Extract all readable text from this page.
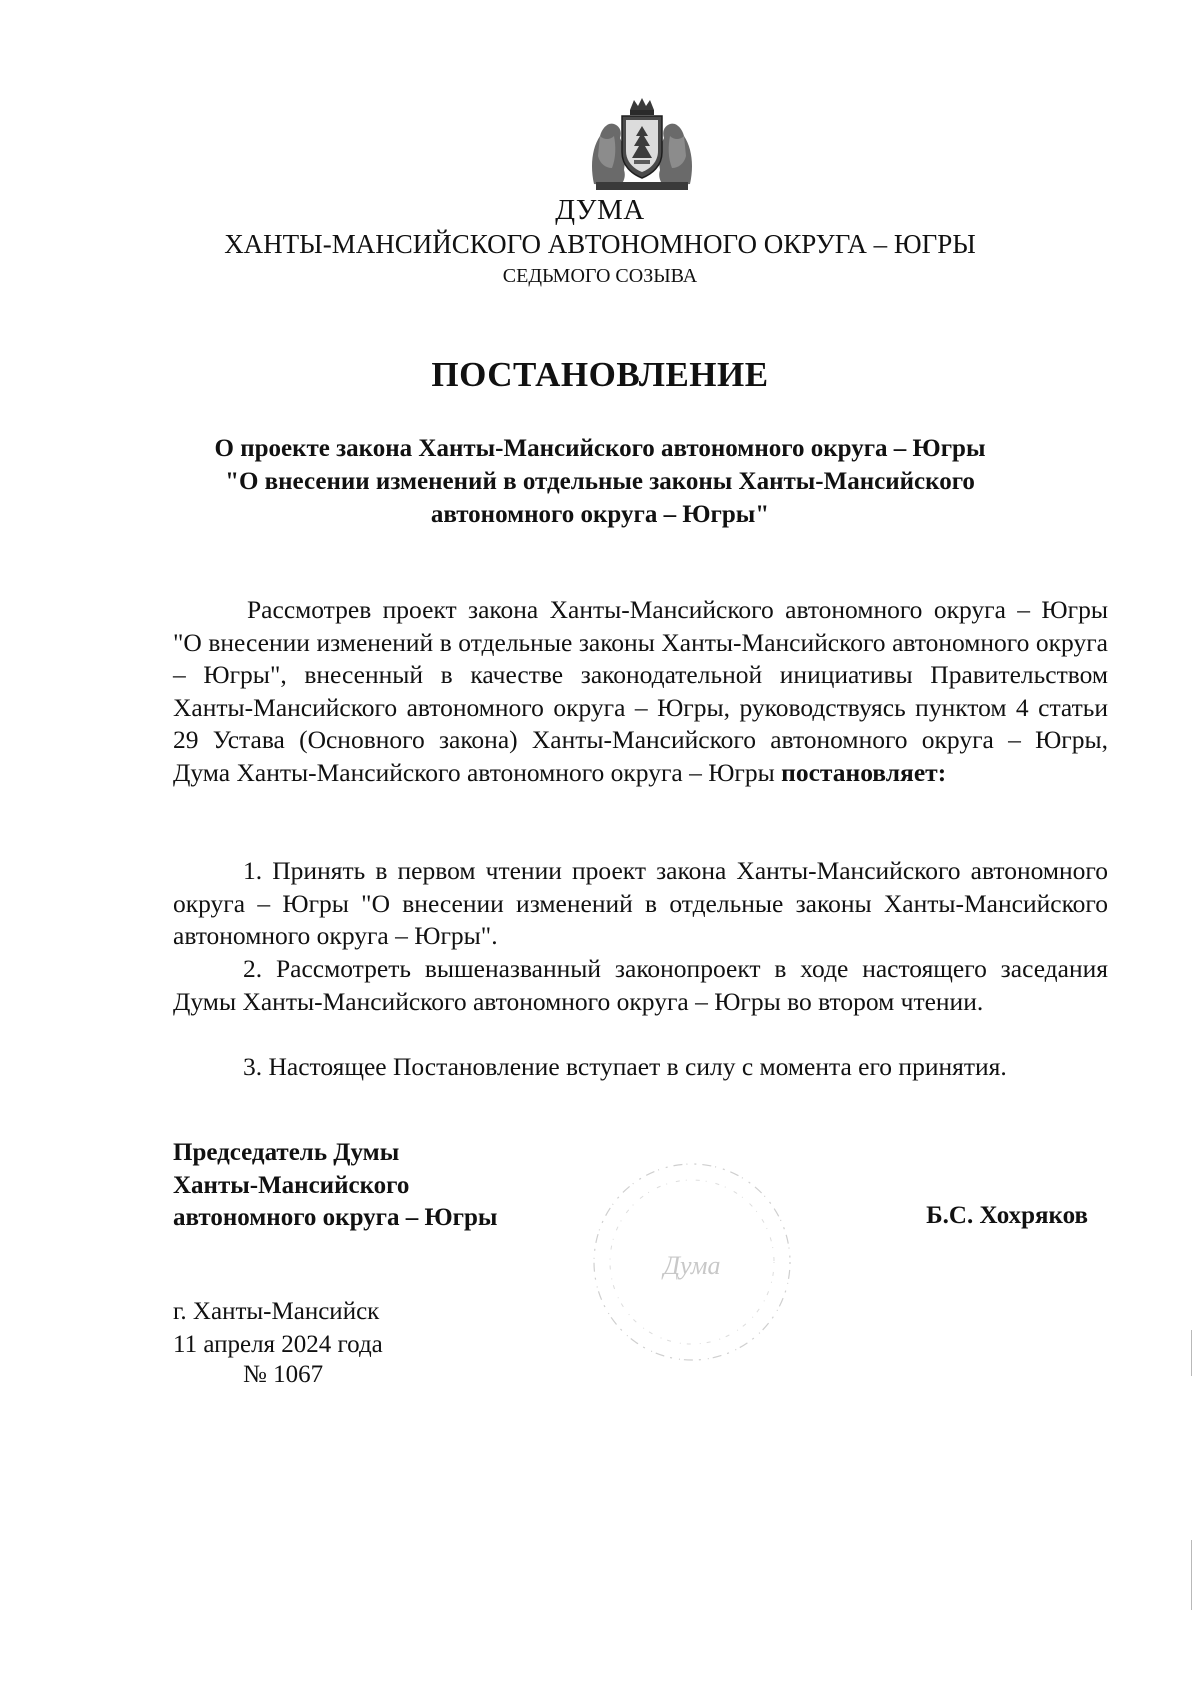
ДУМА

ХАНТЫ-МАНСИЙСКОГО АВТОНОМНОГО ОКРУГА – ЮГРЫ

СЕДЬМОГО СОЗЫВА

ПОСТАНОВЛЕНИЕ
О проекте закона Ханты-Мансийского автономного округа – Югры
"О внесении изменений в отдельные законы Ханты-Мансийского
автономного округа – Югры"

Рассмотрев проект закона Ханты-Мансийского автономного округа – Югры "О внесении изменений в отдельные законы Ханты-Мансийского автономного округа – Югры", внесенный в качестве законодательной инициативы Правительством Ханты-Мансийского автономного округа – Югры, руководствуясь пунктом 4 статьи 29 Устава (Основного закона) Ханты-Мансийского автономного округа – Югры, Дума Ханты-Мансийского автономного округа – Югры постановляет:

1. Принять в первом чтении проект закона Ханты-Мансийского автономного округа – Югры "О внесении изменений в отдельные законы Ханты-Мансийского автономного округа – Югры".

2. Рассмотреть вышеназванный законопроект в ходе настоящего заседания Думы Ханты-Мансийского автономного округа – Югры во втором чтении.

3. Настоящее Постановление вступает в силу с момента его принятия.

Председатель Думы
Ханты-Мансийского
автономного округа – Югры

Дума

Б.С. Хохряков

г. Ханты-Мансийск
11 апреля 2024 года

№ 1067
